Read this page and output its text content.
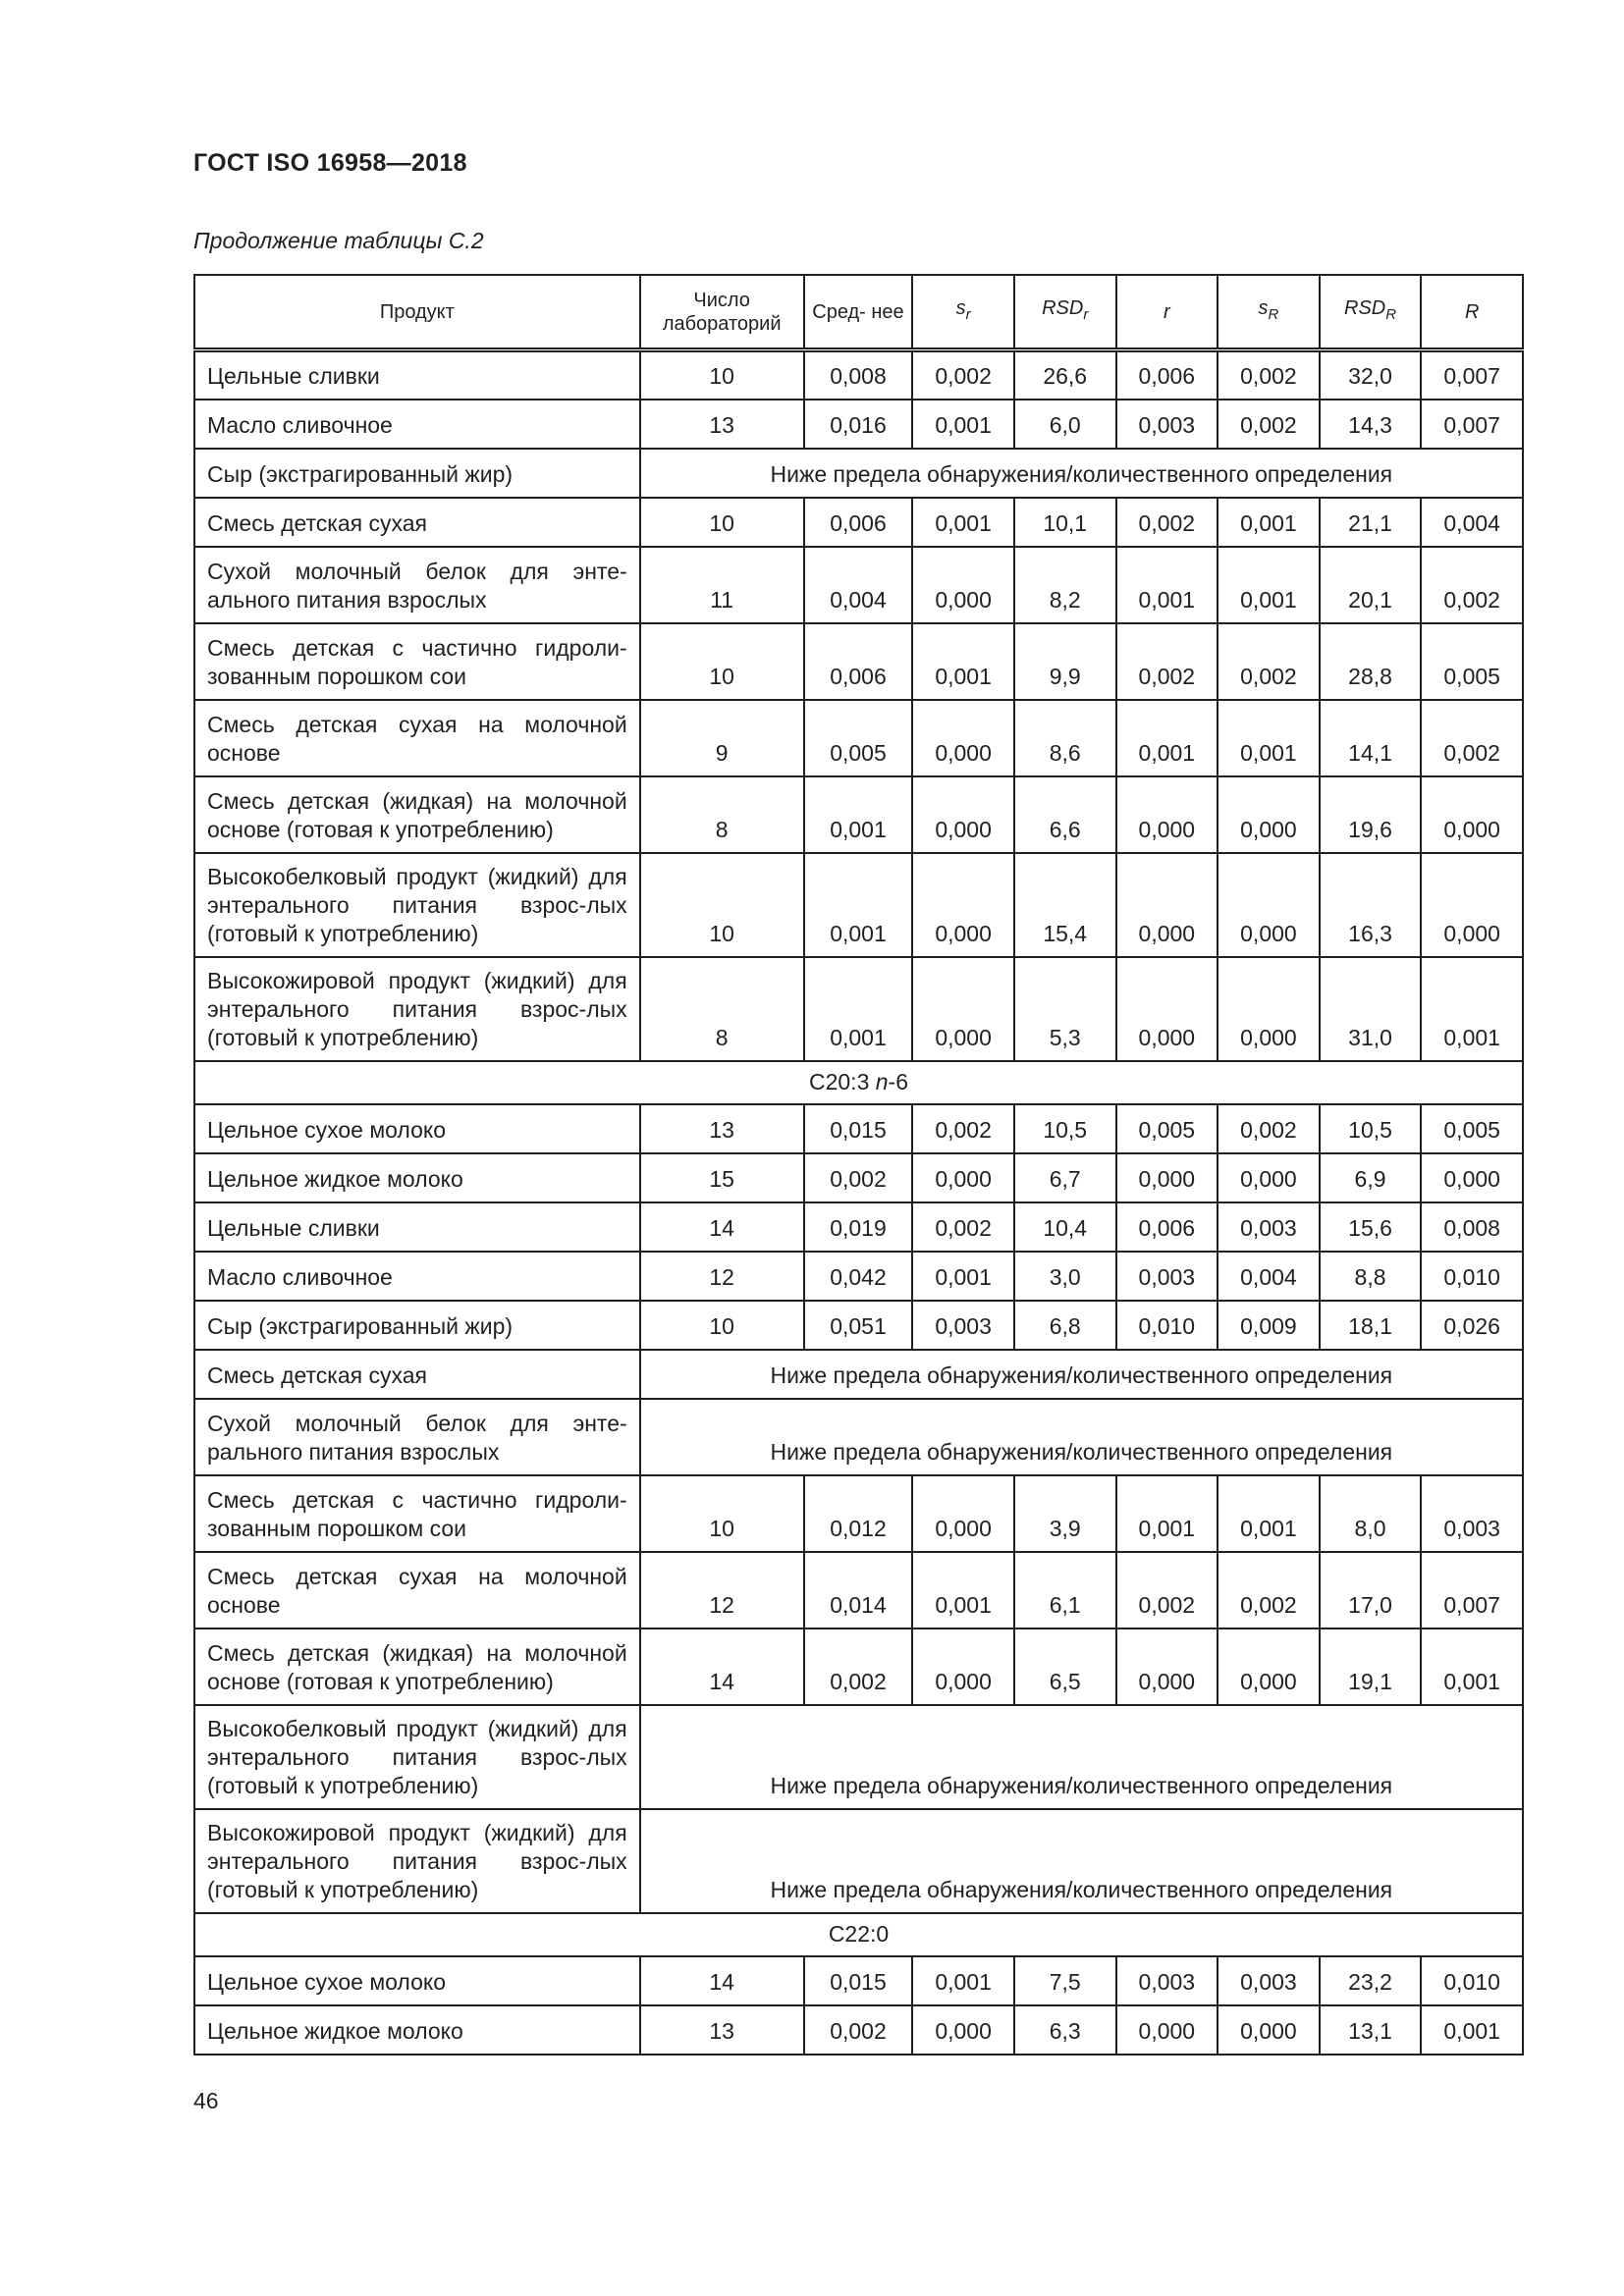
ГОСТ ISO 16958—2018
Продолжение таблицы С.2
Продукт	Число лабораторий	Сред- нее	$s_r$	$RSD_r$	r	$s_R$	$RSD_R$	R
Цельные сливки	10	0,008	0,002	26,6	0,006	0,002	32,0	0,007
Масло сливочное	13	0,016	0,001	6,0	0,003	0,002	14,3	0,007
Сыр (экстрагированный жир)	Ниже предела обнаружения/количественного определения							
Смесь детская сухая	10	0,006	0,001	10,1	0,002	0,001	21,1	0,004
Сухой молочный белок для энте-ального питания взрослых	11	0,004	0,000	8,2	0,001	0,001	20,1	0,002
Смесь детская с частично гидроли-зованным порошком сои	10	0,006	0,001	9,9	0,002	0,002	28,8	0,005
Смесь детская сухая на молочной основе	9	0,005	0,000	8,6	0,001	0,001	14,1	0,002
Смесь детская (жидкая) на молочной основе (готовая к употреблению)	8	0,001	0,000	6,6	0,000	0,000	19,6	0,000
Высокобелковый продукт (жидкий) для энтерального питания взрос-лых (готовый к употреблению)	10	0,001	0,000	15,4	0,000	0,000	16,3	0,000
Высокожировой продукт (жидкий) для энтерального питания взрос-лых (готовый к употреблению)	8	0,001	0,000	5,3	0,000	0,000	31,0	0,001
С20:3 n-6								
Цельное сухое молоко	13	0,015	0,002	10,5	0,005	0,002	10,5	0,005
Цельное жидкое молоко	15	0,002	0,000	6,7	0,000	0,000	6,9	0,000
Цельные сливки	14	0,019	0,002	10,4	0,006	0,003	15,6	0,008
Масло сливочное	12	0,042	0,001	3,0	0,003	0,004	8,8	0,010
Сыр (экстрагированный жир)	10	0,051	0,003	6,8	0,010	0,009	18,1	0,026
Смесь детская сухая	Ниже предела обнаружения/количественного определения							
Сухой молочный белок для энте-рального питания взрослых	Ниже предела обнаружения/количественного определения							
Смесь детская с частично гидроли-зованным порошком сои	10	0,012	0,000	3,9	0,001	0,001	8,0	0,003
Смесь детская сухая на молочной основе	12	0,014	0,001	6,1	0,002	0,002	17,0	0,007
Смесь детская (жидкая) на молочной основе (готовая к употреблению)	14	0,002	0,000	6,5	0,000	0,000	19,1	0,001
Высокобелковый продукт (жидкий) для энтерального питания взрос-лых (готовый к употреблению)	Ниже предела обнаружения/количественного определения							
Высокожировой продукт (жидкий) для энтерального питания взрос-лых (готовый к употреблению)	Ниже предела обнаружения/количественного определения							
С22:0								
Цельное сухое молоко	14	0,015	0,001	7,5	0,003	0,003	23,2	0,010
Цельное жидкое молоко	13	0,002	0,000	6,3	0,000	0,000	13,1	0,001
46
